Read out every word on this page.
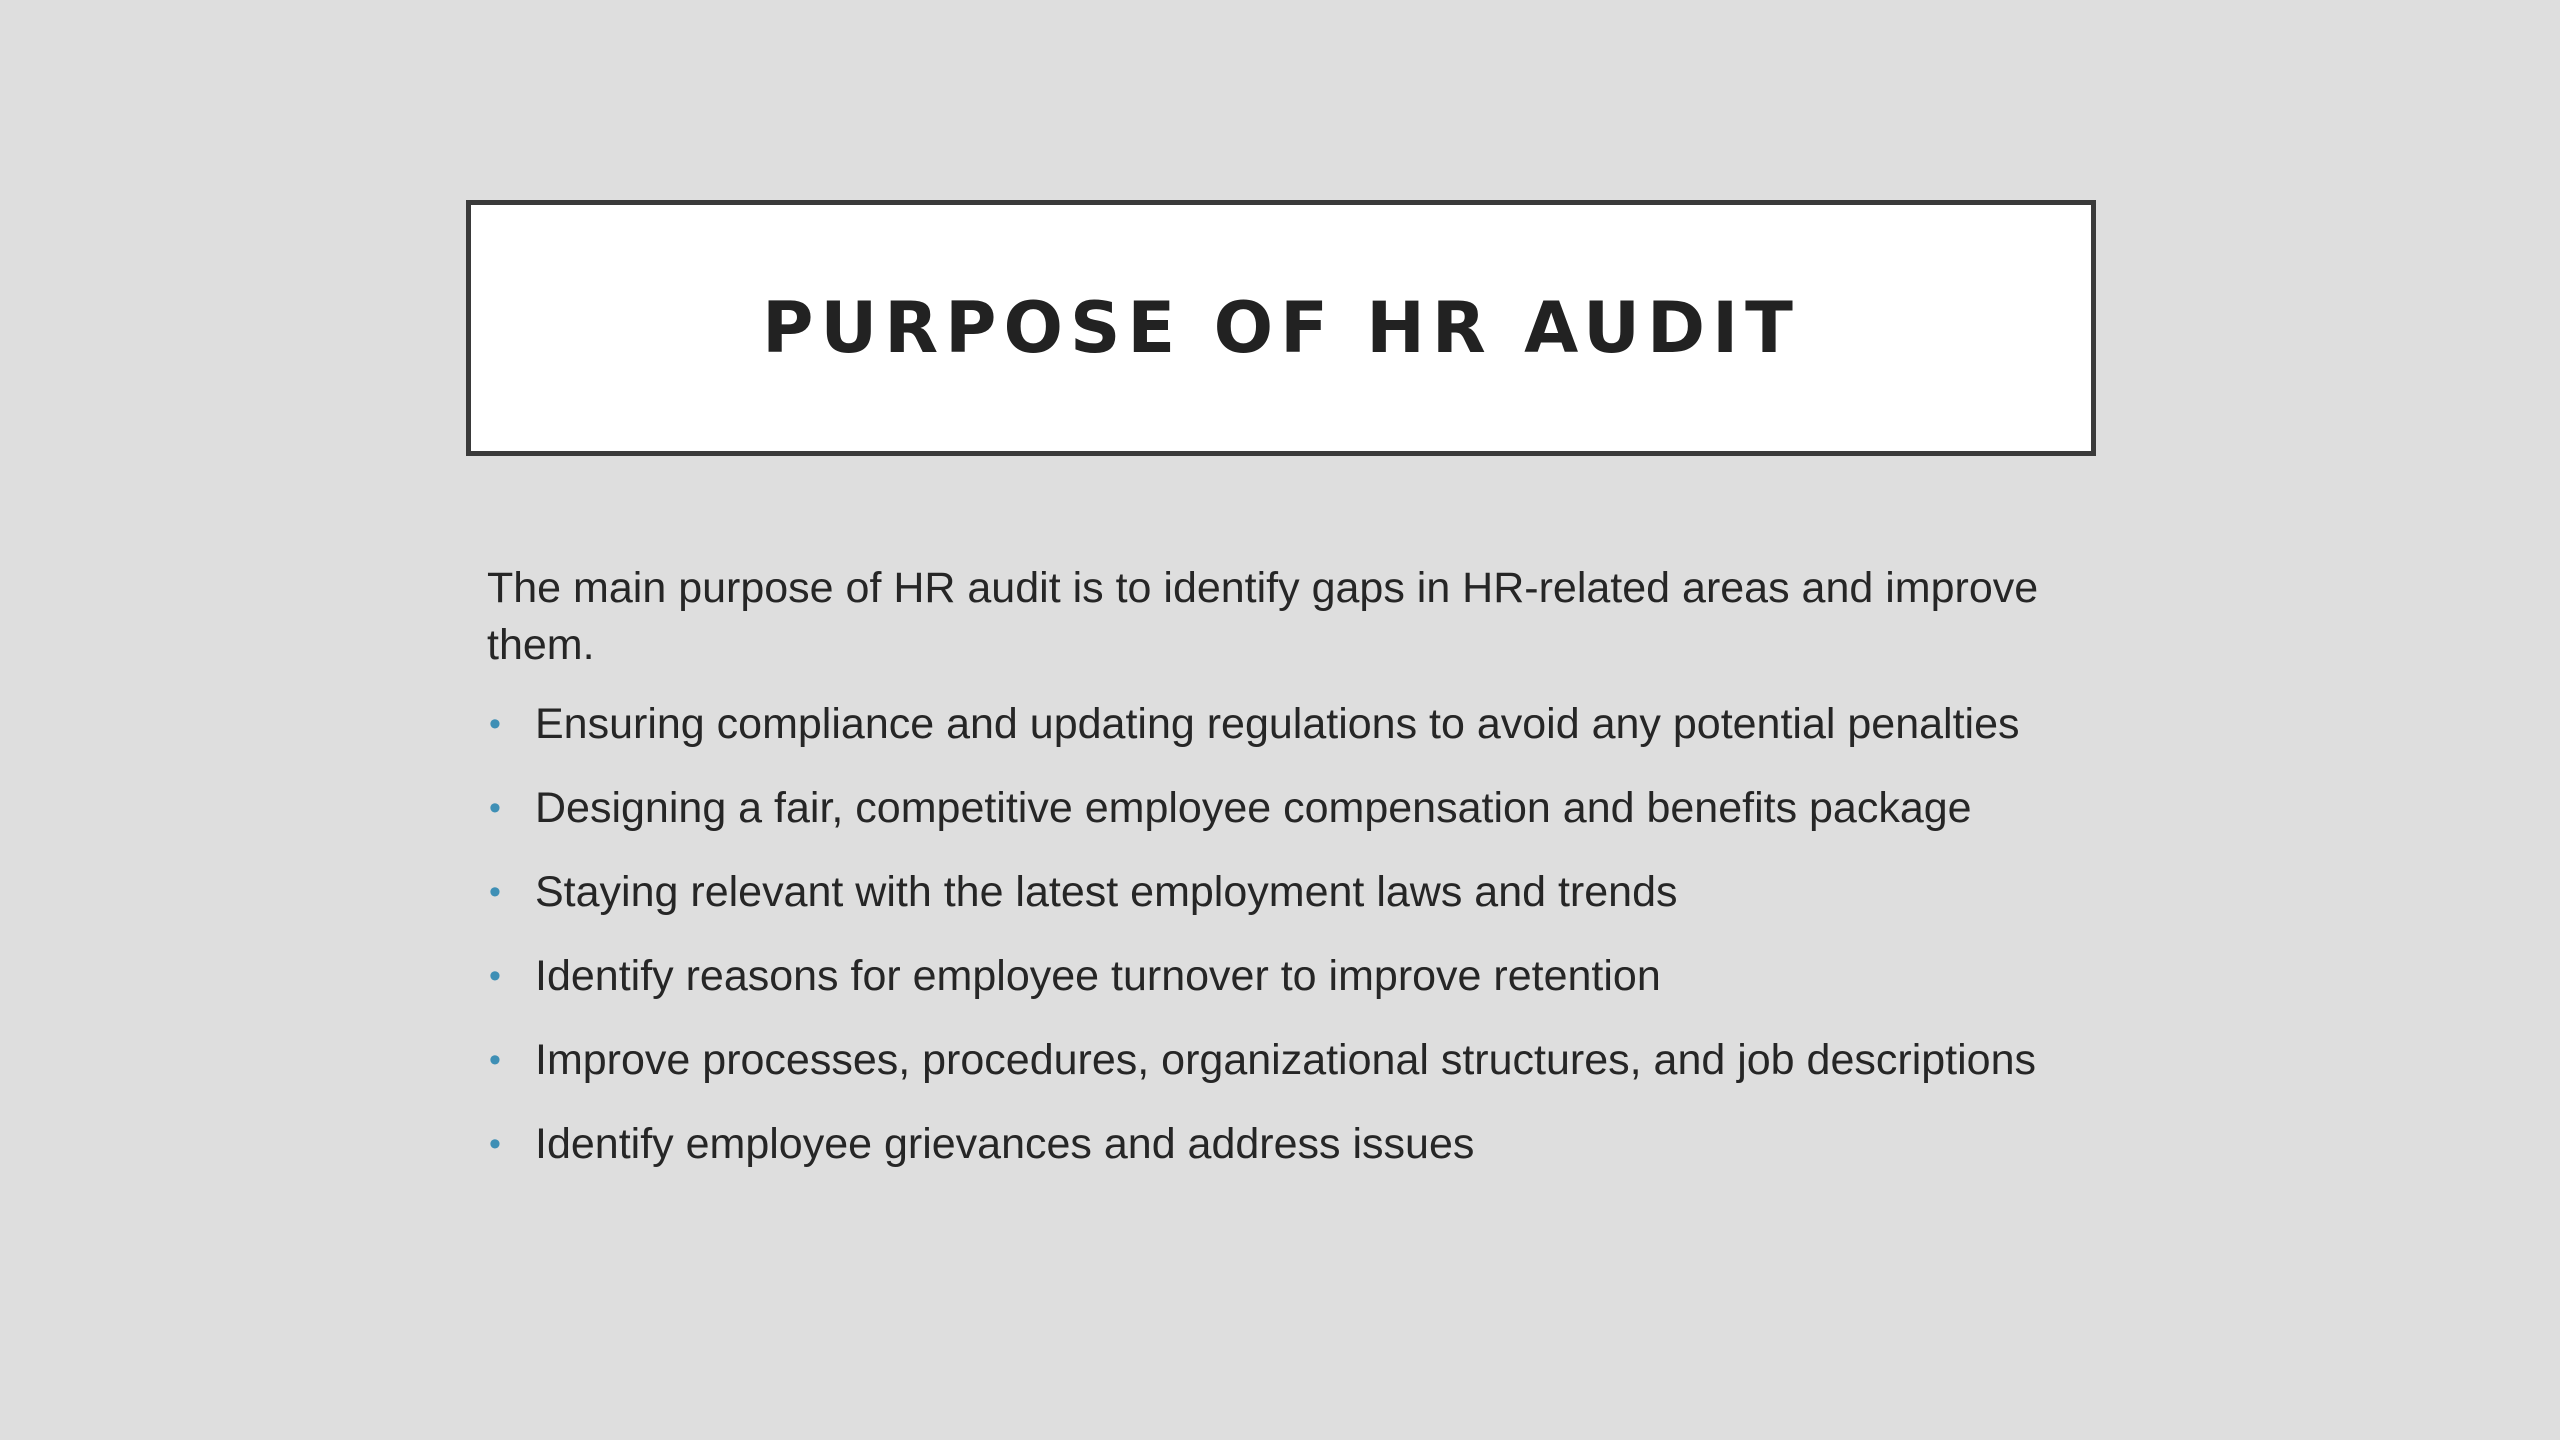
PURPOSE OF HR AUDIT

The main purpose of HR audit is to identify gaps in HR-related areas and improve them.

• Ensuring compliance and updating regulations to avoid any potential penalties
• Designing a fair, competitive employee compensation and benefits package
• Staying relevant with the latest employment laws and trends
• Identify reasons for employee turnover to improve retention
• Improve processes, procedures, organizational structures, and job descriptions
• Identify employee grievances and address issues
